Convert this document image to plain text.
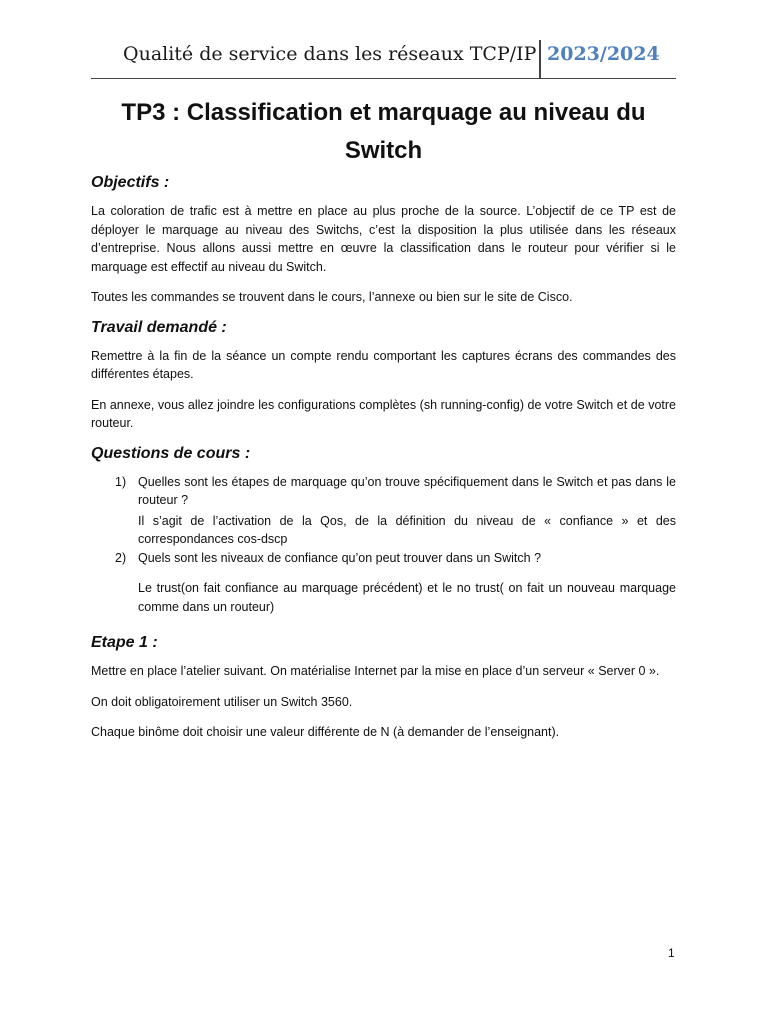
Qualité de service dans les réseaux TCP/IP 2023/2024
TP3 : Classification et marquage au niveau du Switch
Objectifs :

La coloration de trafic est à mettre en place au plus proche de la source. L’objectif de ce TP est de déployer le marquage au niveau des Switchs, c’est la disposition la plus utilisée dans les réseaux d’entreprise. Nous allons aussi mettre en œuvre la classification dans le routeur pour vérifier si le marquage est effectif au niveau du Switch.

Toutes les commandes se trouvent dans le cours, l’annexe ou bien sur le site de Cisco.

Travail demandé :

Remettre à la fin de la séance un compte rendu comportant les captures écrans des commandes des différentes étapes.

En annexe, vous allez joindre les configurations complètes (sh running-config) de votre Switch et de votre routeur.

Questions de cours :
1) Quelles sont les étapes de marquage qu’on trouve spécifiquement dans le Switch et pas dans le routeur ?
Il s’agit de l’activation de la Qos, de la définition du niveau de « confiance » et des correspondances cos-dscp
2) Quels sont les niveaux de confiance qu’on peut trouver dans un Switch ?
Le trust(on fait confiance au marquage précédent) et le no trust( on fait un nouveau marquage comme dans un routeur)
Etape 1 :

Mettre en place l’atelier suivant. On matérialise Internet par la mise en place d’un serveur « Server 0 ».

On doit obligatoirement utiliser un Switch 3560.

Chaque binôme doit choisir une valeur différente de N (à demander de l’enseignant).

1
